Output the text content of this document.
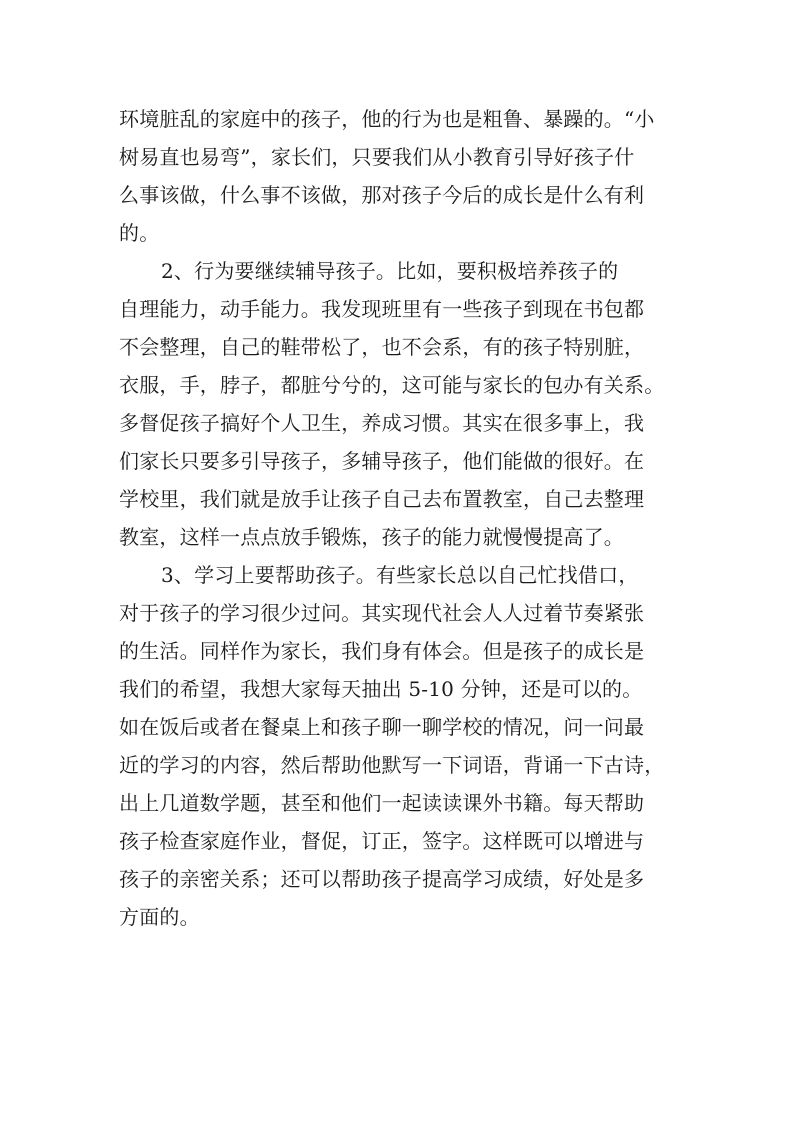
环境脏乱的家庭中的孩子，他的行为也是粗鲁、暴躁的。“小
树易直也易弯”，家长们，只要我们从小教育引导好孩子什
么事该做，什么事不该做，那对孩子今后的成长是什么有利
的。
2、行为要继续辅导孩子。比如，要积极培养孩子的
自理能力，动手能力。我发现班里有一些孩子到现在书包都
不会整理，自己的鞋带松了，也不会系，有的孩子特别脏，
衣服，手，脖子，都脏兮兮的，这可能与家长的包办有关系。
多督促孩子搞好个人卫生，养成习惯。其实在很多事上，我
们家长只要多引导孩子，多辅导孩子，他们能做的很好。在
学校里，我们就是放手让孩子自己去布置教室，自己去整理
教室，这样一点点放手锻炼，孩子的能力就慢慢提高了。
3、学习上要帮助孩子。有些家长总以自己忙找借口，
对于孩子的学习很少过问。其实现代社会人人过着节奏紧张
的生活。同样作为家长，我们身有体会。但是孩子的成长是
我们的希望，我想大家每天抽出 5-10 分钟，还是可以的。
如在饭后或者在餐桌上和孩子聊一聊学校的情况，问一问最
近的学习的内容，然后帮助他默写一下词语，背诵一下古诗，
出上几道数学题，甚至和他们一起读读课外书籍。每天帮助
孩子检查家庭作业，督促，订正，签字。这样既可以增进与
孩子的亲密关系；还可以帮助孩子提高学习成绩，好处是多
方面的。
